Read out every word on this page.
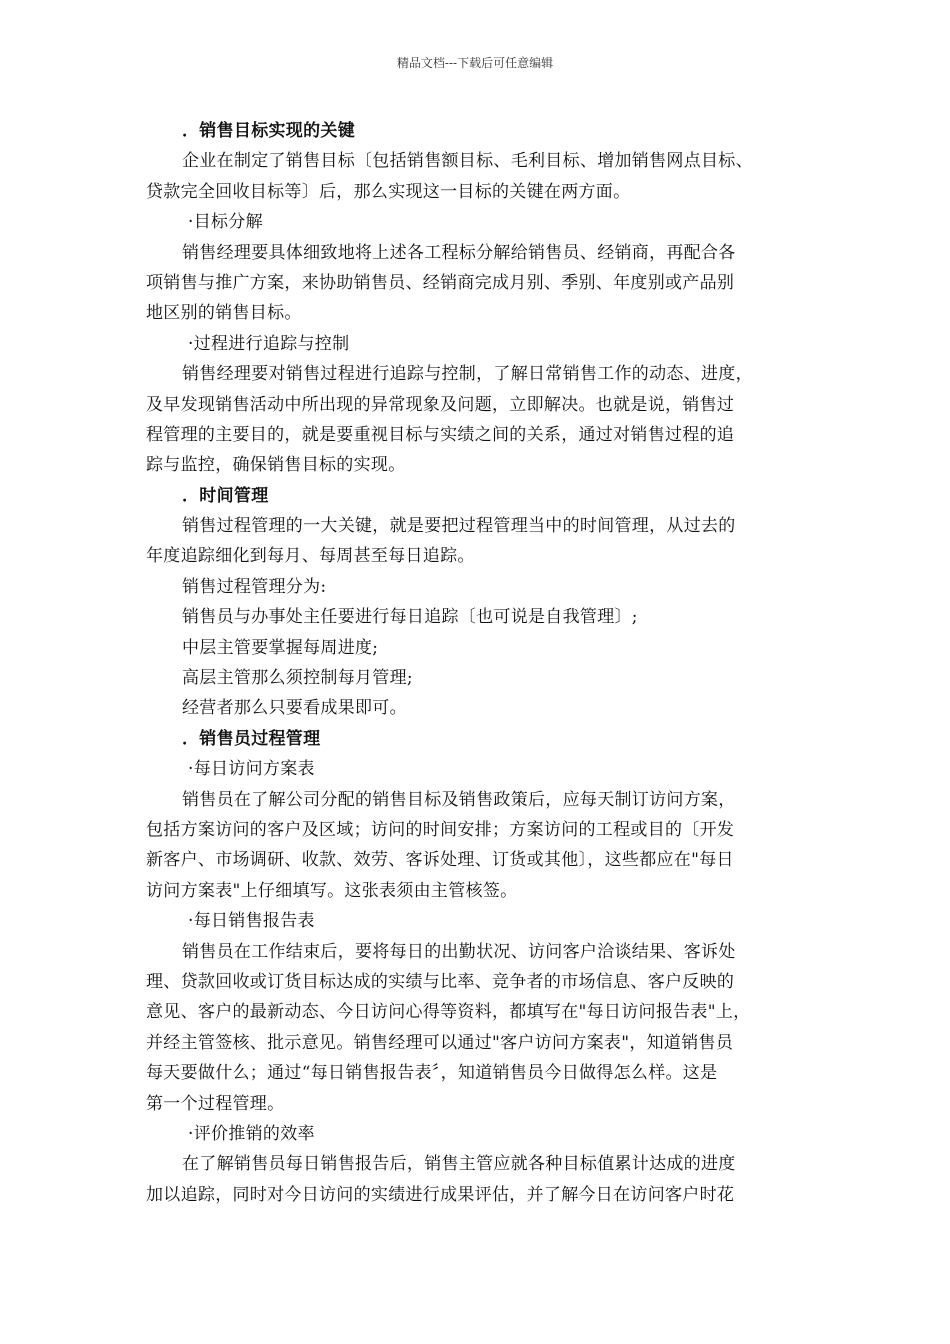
精品文档---下载后可任意编辑
．销售目标实现的关键
企业在制定了销售目标〔包括销售额目标、毛利目标、增加销售网点目标、
贷款完全回收目标等〕后，那么实现这一目标的关键在两方面。
·目标分解
销售经理要具体细致地将上述各工程标分解给销售员、经销商，再配合各
项销售与推广方案，来协助销售员、经销商完成月别、季别、年度别或产品别
地区别的销售目标。
·过程进行追踪与控制
销售经理要对销售过程进行追踪与控制，了解日常销售工作的动态、进度，
及早发现销售活动中所出现的异常现象及问题，立即解决。也就是说，销售过
程管理的主要目的，就是要重视目标与实绩之间的关系，通过对销售过程的追
踪与监控，确保销售目标的实现。
．时间管理
销售过程管理的一大关键，就是要把过程管理当中的时间管理，从过去的
年度追踪细化到每月、每周甚至每日追踪。
销售过程管理分为:
销售员与办事处主任要进行每日追踪〔也可说是自我管理〕;
中层主管要掌握每周进度;
高层主管那么须控制每月管理;
经营者那么只要看成果即可。
．销售员过程管理
·每日访问方案表
销售员在了解公司分配的销售目标及销售政策后，应每天制订访问方案，
包括方案访问的客户及区域；访问的时间安排；方案访问的工程或目的〔开发
新客户、市场调研、收款、效劳、客诉处理、订货或其他〕，这些都应在"每日
访问方案表"上仔细填写。这张表须由主管核签。
·每日销售报告表
销售员在工作结束后，要将每日的出勤状况、访问客户洽谈结果、客诉处
理、贷款回收或订货目标达成的实绩与比率、竞争者的市场信息、客户反映的
意见、客户的最新动态、今日访问心得等资料，都填写在"每日访问报告表"上，
并经主管签核、批示意见。销售经理可以通过"客户访问方案表"，知道销售员
每天要做什么；通过“每日销售报告表〞，知道销售员今日做得怎么样。这是
第一个过程管理。
·评价推销的效率
在了解销售员每日销售报告后，销售主管应就各种目标值累计达成的进度
加以追踪，同时对今日访问的实绩进行成果评估，并了解今日在访问客户时花
